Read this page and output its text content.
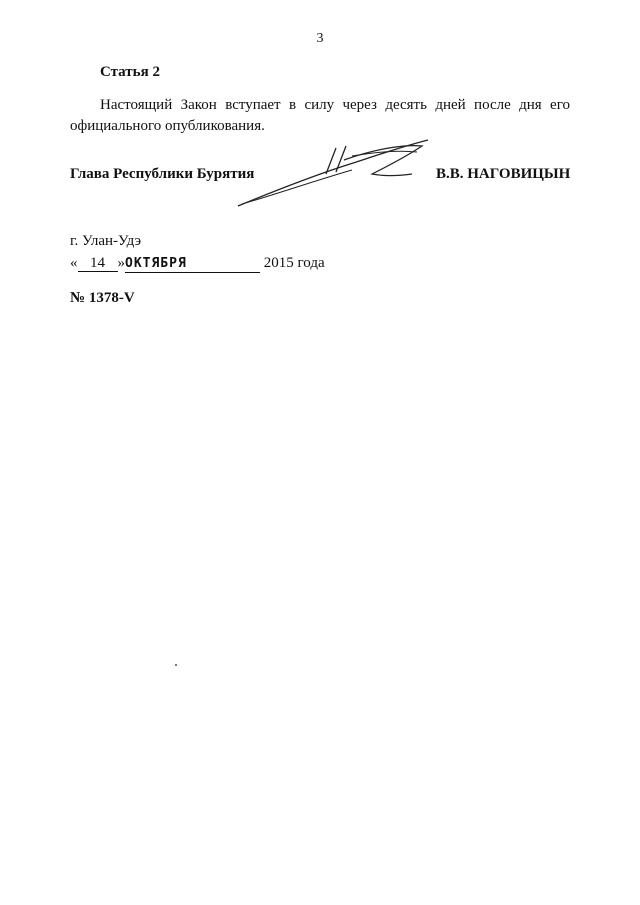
3
Статья 2

Настоящий Закон вступает в силу через десять дней после дня его официального опубликования.

Глава Республики Бурятия	В.В. НАГОВИЦЫН
г. Улан-Удэ
« 14 »ОКТЯБРЯ	2015 года
№ 1378-V
